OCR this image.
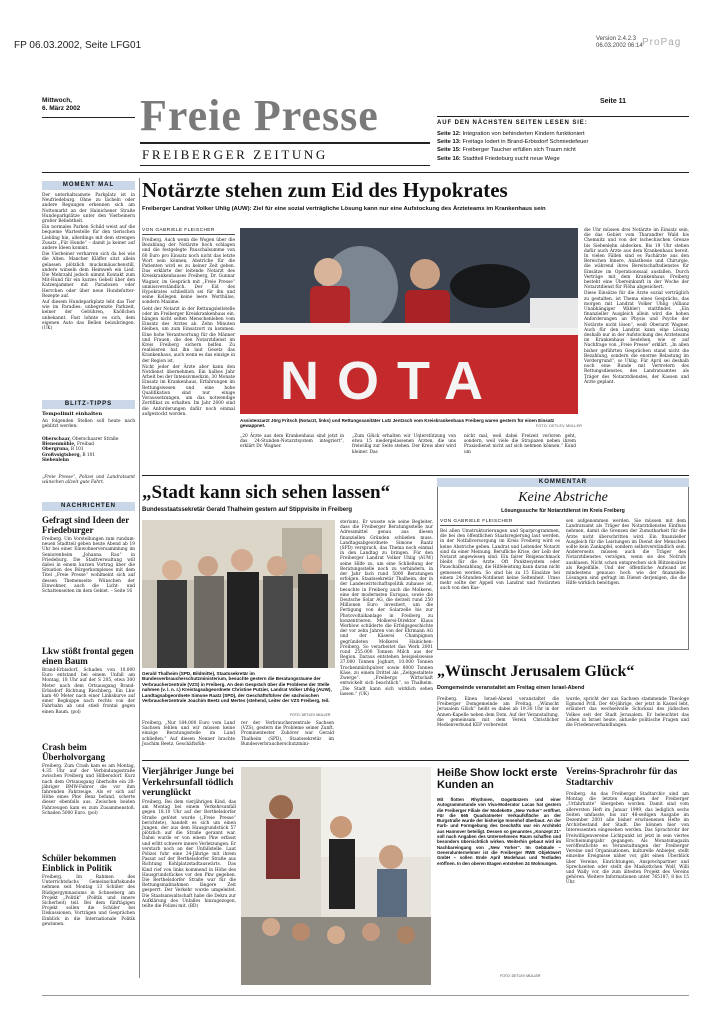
FP 06.03.2002, Seite LFG01
Version 2.4.2.3
06.03.2002 06:14 ProPag
Mittwoch,
6. März 2002 Freie Presse
FREIBERGER ZEITUNG
Seite 11
AUF DEN NÄCHSTEN SEITEN LESEN SIE:
Seite 12: Integration von behinderten Kindern funktioniert
Seite 13: Freitags lodert in Brand-Erbisdorf Schmiedefeuer
Seite 15: Freiberger Taucher erfüllen sich Traum nicht
Seite 16: Stadtteil Friedeburg sucht neue Wege
MOMENT MAL

Der unterhaltsamste Parkplatz ist in Neufriedeburg. Ohne zu lächeln oder andere Regungen erkennen sich am Nottomarkt an der Hainichener Straße Hundeparkplätze unter den Vierbeinern großer Beliebtheit.

Ein normales Parken Schild weist auf die bequeme Wartestelle für den tierischen Liebling hin, allerdings mit dem strengen Zusatz „Für Hunde“ – damit ja keiner auf andere Ideen kommt.

Die Vierbeiner verharren sich da bei wie die Alten. Mancher Kläffer sitzt allein gelassen plötzlich mucksmäuschenstill, andere winseln dem Heimweh ein Lied. Die Mehrzahl jedoch nimmt Kontakt zum Mit-Hund für ein kurzes Gebell über den Katzenjammer mit Paradoxen oder Herrchen oder über neue Hundefutter-Rezepte auf.

Auf diesem Hundeparkplatz lebt das Tier wie im Paradies: unbegrenzte Parkzeit, keiner der Gebühren, Knöllchen unbekannt. Fast lohnte es sich, dem eigenen Auto das Bellen beizubringen. (UK)

BLITZ-TIPPS
Tempolimit einhalten
An folgenden Stellen soll heute nach geblitzt werden:
Oberschaar, Oberschaarer Straße
Bienenmühle, Freibad
Obergruna, B 101
Großvoigtsberg, B 101
Siebenlehn
„Freie Presse“, Polizei und Landratsamt wünschen allzeit gute Fahrt.
NACHRICHTEN
Gefragt sind Ideen der Friedeburger
Freiberg. Um Vorstellungen zum rundum-neuen Stadtteil geben heute Abend ab 19 Uhr bei einer Einwohnerversammlung im Seniorenheim „Johanna Rau“ in Friedeburg. Die Stadtverwaltung will dabei in einem kurzen Vortrag über die Situation des Bürgerkomplexes mit dem Titel „Freie Presse“ wohlmeint sich auf dessen Themenseite Wünschen der Einwohner, auch die Licht- und Schattenseiten im dem Gebiet. – Seite 16
Lkw stößt frontal gegen einen Baum
Brand-Erbisdorf. Schaden von 10.000 Euro entstand bei einem Unfall am Montag, 18 Uhr auf der S 205, etwa 300 Meter nach dem Ortsausgang Brand-Erbisdorf Richtung Riechberg. Ein Lkw kam 40 Meter nach einer Linkskurve auf einer Begkuppe nach rechts von der Fahrbahn ab und stieß frontal gegen einen Baum. (pol)
Crash beim Überholvorgang
Freiberg. Zum Crash kam es am Montag, 4.35 Uhr auf der Verbindungsstraße zwischen Freiberg und Hilbersdorf. Kurz nach dem Ortsausgang überholte ein 28-jähriger BMW-Fahrer die vor ihm fahrenden Fahrzeuge. Als er sich auf Höhe eines Pkw Benz befand, scherte dieser ebenfalls aus. Zwischen beiden Fahrzeugen kam es zum Zusammenstoß. Schaden 5000 Euro. (pol)
Schüler bekommen Einblick in Politik
Freiberg. Im Rahmen des Unterrichtsfachs Gemeinschaftskunde nehmen seit Montag 13 Schüler des Rüdigergymnasiums in Schneeberg am Projekt „Politik“ (Politik und innere Sicherheit) teil. Bei dem fünftägigen Projekt sollen die Schüler bei Diskussionen, Vorträgen und Gesprächen Einblick in die Internationale Politik gewinnen.
Notärzte stehen zum Eid des Hypokrates
Freiberger Landrat Volker Uhlig (AUW): Ziel für eine sozial verträgliche Lösung kann nur eine Aufstockung des Ärzteteams im Krankenhaus sein
VON GABRIELE FLEISCHER

Freiberg. Auch wenn die Wogen über die Bezahlung der Notärzte hoch schlagen und die festgelegte Pauschalsumme von 60 Euro pro Einsatz noch nicht das letzte Wort sein können, Abstriche für die Patienten wird es zu keiner Zeit geben. Das erklärte der leitende Notarzt des Kreiskrankenhauses Freiberg, Dr. Gunnar Wagner, im Gespräch mit „Freie Presse“ unmissverständlich. Der Eid des Hypokrates schließlich sei für ihn und seine Kollegen keine leere Worthülse, sondern Maxime.

Geht der Notarzt in der Rettungsleitstelle oder im Freiberger Kreiskrankenhaus ein, hängen nicht selten Menschenleben vom Einsatz des Arztes ab. Zehn Minuten bleiben, um zum Einsatzort zu kommen. Eine hohe Verantwortung für die Männer und Frauen, die den Notarztdienst im Kreis Freiberg sichern helfen. Zu realisieren hat ihn laut Gesetz das Krankenhaus, auch wenn es das einzige in der Region ist.

Nicht jeder der Ärzte aber kann den Notdienst übernehmen. Ein halbes Jahr Arbeit bei der Intensivmedizin, 30 Monate Einsatz im Krankenhaus, Erfahrungen im Rettungswesen und eine hohe Qualifikation sind nur einige Voraussetzungen, um das notwendige Zertifikat zu erhalten. Im Jahr 2000 sind die Anforderungen dafür noch einmal aufgestockt worden.

NOTA
Assistenzarzt Jörg Fritsch (Notarzt, links) und Rettungssanitäter Lutz Jentzsch vom Kreiskrankenhaus Freiberg waren gestern für einen Einsatz gewappnet.	FOTO: DETLEV MÜLLER

„20 Ärzte aus dem Krankenhaus sind jetzt in das 24-Stunden-Notarztsystem integriert“, erklärt Dr. Wagner.

„Zum Glück erhalten wir Unterstützung von etwa 15 niedergelassenen Ärzten, die uns freiwillig zur Seite stehen. Der Kreis aber wird kleiner. Das

nicht mal, weil dabei Freizeit verloren geht, sondern, weil viele die Strapazen neben ihrem Praxisdienst nicht auf sich nehmen können.“ Kund um

die Uhr müssen drei Notärzte im Einsatz sein, die das Gebiet vom Tharandter Wald bis Chemnitz und von der tschechischen Grenze bis Siebenlehn abdecken. Bis 19 Uhr stehen dafür auch Ärzte aus dem Krankenhaus bereit. In vielen Fällen sind es Fachärzte aus den Bereichen Innere, Anästhesie und Chirurgie, die während ihres Bereitschaftsdienstes für Einsätze im Operationssaal ausfallen. Durch Verträge mit dem Krankenhaus Freiberg besteht eine Übereinkunft in der Woche der Notarztdienst für Flöha abgesichert.

Diese Einsätze für die Ärzte sozial verträglich zu gestalten, ist Thema eines Gesprächs, das morgen mit Landrat Volker Uhlig (Allianz Unabhängiger Wähler) stattfindet. „Ein finanzieller Ausgleich allein wird die hohen Anforderungen an Physis und Psyche der Notärzte nicht lösen“, weiß Oberarzt Wagner. Auch für den Landrat kann eine Lösung deshalb nur in der Aufstockung des Ärzteteams im Krankenhaus bestehen, wie er auf Nachfrage von „Freie Presse“ erklärt. „In allen bisher geführten Gesprächen stand nicht die Bezahlung, sondern die enorme Belastung im Vordergrund“, so Uhlig. Für April sei deshalb noch eine Runde mit Vertretern des Rettungsdienstes, des Landratsamtes als Träger des Notarztdienstes, der Kassen und Ärzte geplant.

„Stadt kann sich sehen lassen“
Bundesstaatssekretär Gerald Thalheim gestern auf Stippvisite in Freiberg
Gerald Thalheim (SPD, Bildmitte), Staatssekretär im Bundesverbraucherschutzministerium, besuchte gestern die Beratungsräume der Verbraucherzentrale (VZS) in Freiberg. An dem Gespräch über die Probleme der Stelle nahmen (v. l. n. r.) Kreistagsabgeordnete Christine Putzier, Landrat Volker Uhlig (AUW), Landtagsabgeordnete Simone Raatz (SPD), der Geschäftsführer der sächsischen Verbraucherzentrale Joachim Beetz und Mertes (stehend, Leiter der VZS Freiberg, teil.
FOTO: DETLEV MÜLLER
Freiberg. „Nur 184.000 Euro vom Land Sachsen fehlen und wir müssen keine einzige Beratungsstelle im Land schließen.“ Auf diesen Nenner brachte Joachim Beetz, Geschäftsfüh-
rer der Verbraucherzentrale Sachsen (VZS), gestern die Probleme seiner Zunft. Prominentester Zuhörer war Gerald Thalheim (SPD), Staatssekretär im Bundesverbraucherschutzmini-
sterium). Er wusste wie seine Begleiter, dass die Freiberger Beratungsstelle nur Adressmittel genau aus diesen finanziellen Gründen schließen muss. Landtagsabgeordnete Simone Raatz (SPD) versprach, das Thema noch einmal in den Landtag zu bringen. Für den Freiberger Landrat Volker Uhlig (AUW) seine Hilfe zu, um eine Schließung der Beratungsstelle noch zu verhindern, in der Jahr fach rund 5000 Beratungen erfolgen. Staatssekretär Thalheim, der in der Landeswirtschaftspolitik zuhause ist, besuchte in Freiberg auch die Molkerei, eine der modernsten Europas, sowie die Deutsche Solar AG, die derzeit rund 250 Millionen Euro investiert, um die Fertigung von der Solarzelle bis zur Photovoltaikanlage in Freiberg zu konzentrieren. Molkerei-Direktor Klaus Werblow schilderte die Erfolgsgeschichte der vor zehn Jahren von der Ehrmann AG und der Käserei Champignon gegründeten Molkerei Hainichen-Freiberg. So verarbeitet das Werk 2001 rund 255.000 Tonnen Milch aus der Region. Daraus entstehen beispielsweise 37.000 Tonnen Joghurt, 10.000 Tonnen Trockenmilchpulver sowie 8000 Tonnen Käse, zu einem Drittel als „Zeitgestaltete Zwerge“. „Freibergs Wirtschaft entwickelt sich beachtlich“, so Thalheim. „Die Stadt kann sich wirklich sehen lassen.“ (UK)
KOMMENTAR
Keine Abstriche
Lösungssuche für Notarztdienst im Kreis Freiberg
VON GABRIELE FLEISCHER
Bei allen Umstrukturierungen und Sparprogrammen, die bei den öffentlichen Staatsregierung laut werden, in der Notfallversorgung im Kreis Freiberg wird es keine Abstriche geben. Landrat und Leitender Notarzt sind da einer Meinung. Berufliche Krise, der Leib der Notarzt angewiesen sind. Ein fairer Reigenschmack bleibt für die Ärzte. Oft Punktesystem oder Pauschalbezahlung, die Hilfeleistung kann daran nicht gemessen werden. So sind bis zu 15 Einsätze bei einem 24-Stunden-Notdienst keine Seltenheit. Umso mehr sollte der Appell von Landrat und Notärzten auch von den Kas-
sen aufgenommen werden. Sie müssen mit dem Landratsamt als Träger des Notarztdienstes Einfluss nehmen, damit die Grenzen der Zumutbarkeit für die Ärzte nicht überschritten wird. Ein finanzieller Ausgleich für die Leistungen im Dienst der Menschen sollte kein Zankapfel, sondern selbstverständlich sein. Andererseits müssen auch die Träger des Notarztdienstes verzögen, wenn sie des Notrufs ausblasen. Nicht schon entsprechen sich Blitzeinsätze als Regelfälle. Und der öffentliche Aufwand ist mindestens genauso hoch wie der finanzielle. Lösungen sind gefragt im Dienst derjenigen, die die Hilfe wirklich benötigen.
„Wünscht Jerusalem Glück“
Domgemeinde veranstaltet am Freitag einen Israel-Abend
Freiberg. Einen Israel-Abend veranstaltet die Freiberger Domgemeinde am Freitag. „Wünscht Jerusalem Glück“ heißt es dabei ab 19.30 Uhr in der Annen-Kapelle neben dem Dom. Auf der Veranstaltung, die gemeinsam mit dem Verein Christlicher Medienverbund KEP vorbereitet
wurde, spricht der aus Sachsen stammende Theologe Egmond Prill. Der 40-jährige, der jetzt in Kassel lebt, erläutert das wechselvolle Schicksal des jüdischen Volkes seit der Stadt Jerusalem. Er beleuchtet das Leben in Israel heute, aktuelle politische Fragen und die Friedensverhandlungen.
Vierjähriger Junge bei Verkehrsunfall tödlich verunglückt
Freiberg. Bei dem vierjährigen Kind, das am Montag bei einem Verkehrsunfall gegen 18.10 Uhr auf der Berthelsdorfer Straße getötet wurde („Freie Presse“ berichtete), handelt es sich um einen Jungen, der aus dem Hausgrundstück 57 plötzlich auf die Straße gerannt war. Dabei wurde er von einem Pkw erfasst und erlitt schwere innere Verletzungen. Er verstarb noch an der Unfallstelle. Laut Polizei fuhr eine 24-Jährige mit ihrem Passat auf der Berthelsdorfer Straße aus Richtung Kohlplatzstadtauswärts. Das Kind rief von links kommend in Höhe des Hausgrundstückes vor den Pkw gegeben. Die Berthelsdorfer Straße war für die Rettungsmaßnahmen längere Zeit gesperrt. Der Verkehr wurde umgeleitet. Die Staatsanwaltschaft habe die Dekra zur Aufklärung des Unfalles hinzugezogen, teilte die Polizei mit. (BD)
Heiße Show lockt erste Kunden an
Mit flotten Rhythmen, Gogotänzern und einer Autogrammstunde von Viva-Moderator Lucas hat gestern die Freiberger Filiale der Modekette „New Yorker“ eröffnet. Für die 665 Quadratmeter Verkaufsfläche an der Burgstraße wurde der bisherige Innenhof überbaut. An der Farb- und Formgebung des Geschäfts war ein Architekt aus Hannover beteiligt. Dessen so genanntes „Konzept 21“ soll nach Angaben des Unternehmens Raum schaffen und besonders übersichtlich wirken. Weiterhin gebaut wird im Nachbareingang von „New Yorker“. Im Gebäude – Generalunternehmer ist die Freiberger RWE Objektwert GmbH – sollen Ende April Modehaus und Textladen eröffnen. In den oberen Etagen entstehen 24 Wohnungen.
FOTO: DETLEV MÜLLER
Vereins-Sprachrohr für das Stadtarchiv
Freiberg. An das Freiberger Stadtarchiv sind am Montag die letzten Ausgaben der Freiberger „Urfahrkutte“ übergeben worden. Damit sind vom allerersten Heft im Januar 1999, das lediglich sechs Seiten umfasste, bis zur 48-seitigen Ausgabe im Dezember 2001 alle bisher erschienenen Hefte im Archivbestand der Stadt. Die können hier von Interessenten eingesehen werden. Das Sprachrohr der Freiwilligenvereine Lichtpunkt ist jetzt in sein viertes Erscheinungsjahr gegangen. Als Monatsmagazin veröffentlichte es Veranstaltungen der Freiberger Vereine und Organisationen, kulturelle Anbieter, stellt einzelne Ereignisse näher vor, gibt einen Überblick über Vereine, Einrichtungen, Ansprechpartner und Sprechzeiten oder stellt die Maskottchen Wolf, Willi und Wally vor, die zum ältesten Projekt des Vereins gehören. Weitere Informationen unter 765187; 8 bis 15 Uhr.
